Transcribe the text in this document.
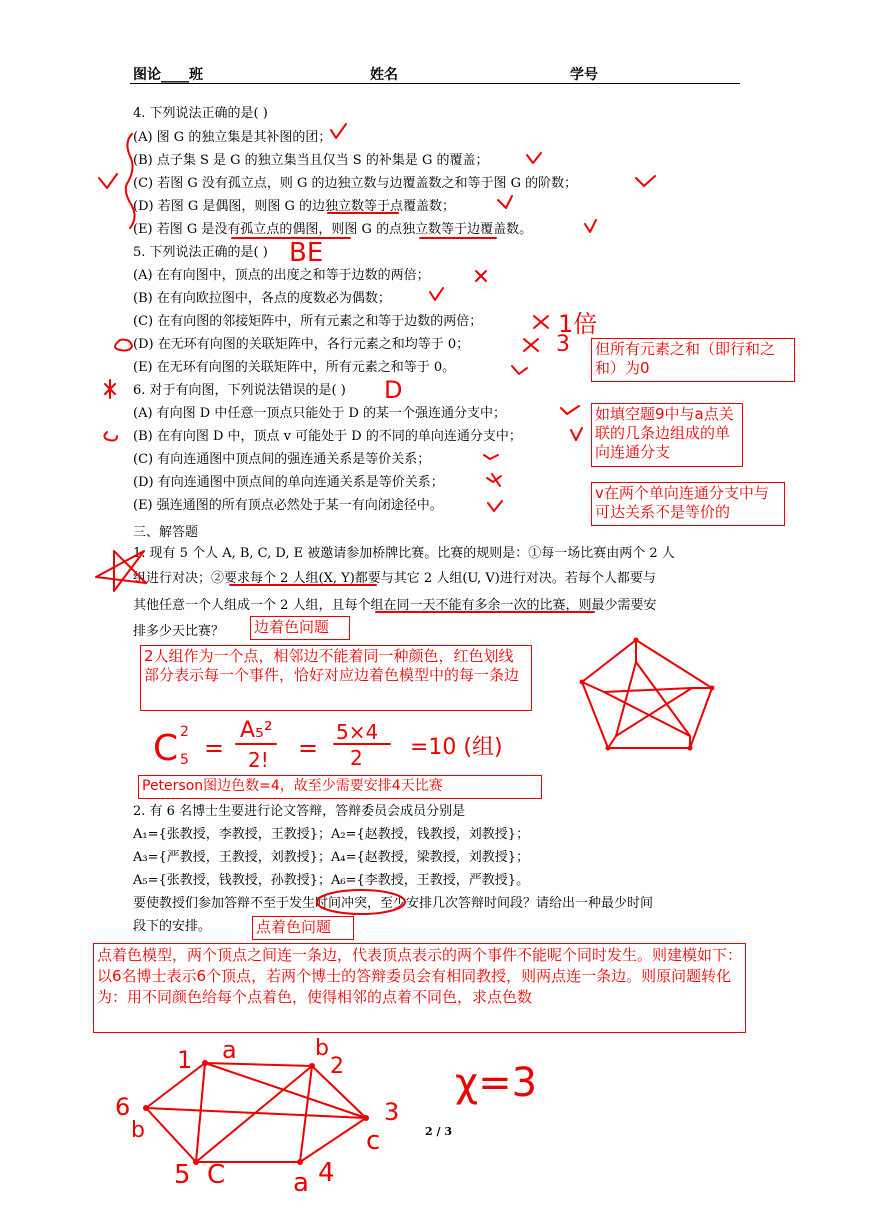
图论____班	姓名	学号
4. 下列说法正确的是( )
(A) 图 G 的独立集是其补图的团；
(B) 点子集 S 是 G 的独立集当且仅当 S 的补集是 G 的覆盖；
(C) 若图 G 没有孤立点，则 G 的边独立数与边覆盖数之和等于图 G 的阶数；
(D) 若图 G 是偶图，则图 G 的边独立数等于点覆盖数；
(E) 若图 G 是没有孤立点的偶图，则图 G 的点独立数等于边覆盖数。
5. 下列说法正确的是( ) BE
(A) 在有向图中，顶点的出度之和等于边数的两倍；
(B) 在有向欧拉图中，各点的度数必为偶数；
(C) 在有向图的邻接矩阵中，所有元素之和等于边数的两倍；
(D) 在无环有向图的关联矩阵中，各行元素之和均等于 0；
(E) 在无环有向图的关联矩阵中，所有元素之和等于 0。
1倍
3
6. 对于有向图，下列说法错误的是( ) D
(A) 有向图 D 中任意一顶点只能处于 D 的某一个强连通分支中；
(B) 在有向图 D 中，顶点 v 可能处于 D 的不同的单向连通分支中；
(C) 有向连通图中顶点间的强连通关系是等价关系；
(D) 有向连通图中顶点间的单向连通关系是等价关系；
(E) 强连通图的所有顶点必然处于某一有向闭途径中。
三、解答题
1. 现有 5 个人 A, B, C, D, E 被邀请参加桥牌比赛。比赛的规则是：①每一场比赛由两个 2 人
组进行对决；②要求每个 2 人组(X, Y)都要与其它 2 人组(U, V)进行对决。若每个人都要与
其他任意一个人组成一个 2 人组，且每个组在同一天不能有多余一次的比赛，则最少需要安
排多少天比赛？
C 2
5 =
A₅²
2! =
5×4
2 =10 (组)
2. 有 6 名博士生要进行论文答辩，答辩委员会成员分别是
A₁={张教授，李教授，王教授}；A₂={赵教授，钱教授，刘教授}；
A₃={严教授，王教授，刘教授}；A₄={赵教授，梁教授，刘教授}；
A₅={张教授，钱教授，孙教授}；A₆={李教授，王教授，严教授}。
要使教授们参加答辩不至于发生时间冲突，至少安排几次答辩时间段？请给出一种最少时间
段下的安排。
但所有元素之和（即行和之和）为0
如填空题9中与a点关联的几条边组成的单向连通分支
v在两个单向连通分支中与可达关系不是等价的
边着色问题
2人组作为一个点，相邻边不能着同一种颜色，红色划线部分表示每一个事件，恰好对应边着色模型中的每一条边
Peterson图边色数=4，故至少需要安排4天比赛
点着色问题
点着色模型，两个顶点之间连一条边，代表顶点表示的两个事件不能呢个同时发生。则建模如下：以6名博士表示6个顶点，若两个博士的答辩委员会有相同教授，则两点连一条边。则原问题转化为：用不同颜色给每个点着色，使得相邻的点着不同色，求点色数
χ=3
1 a	b
2
3
c
6
b
5 C	a 4
2 / 3
